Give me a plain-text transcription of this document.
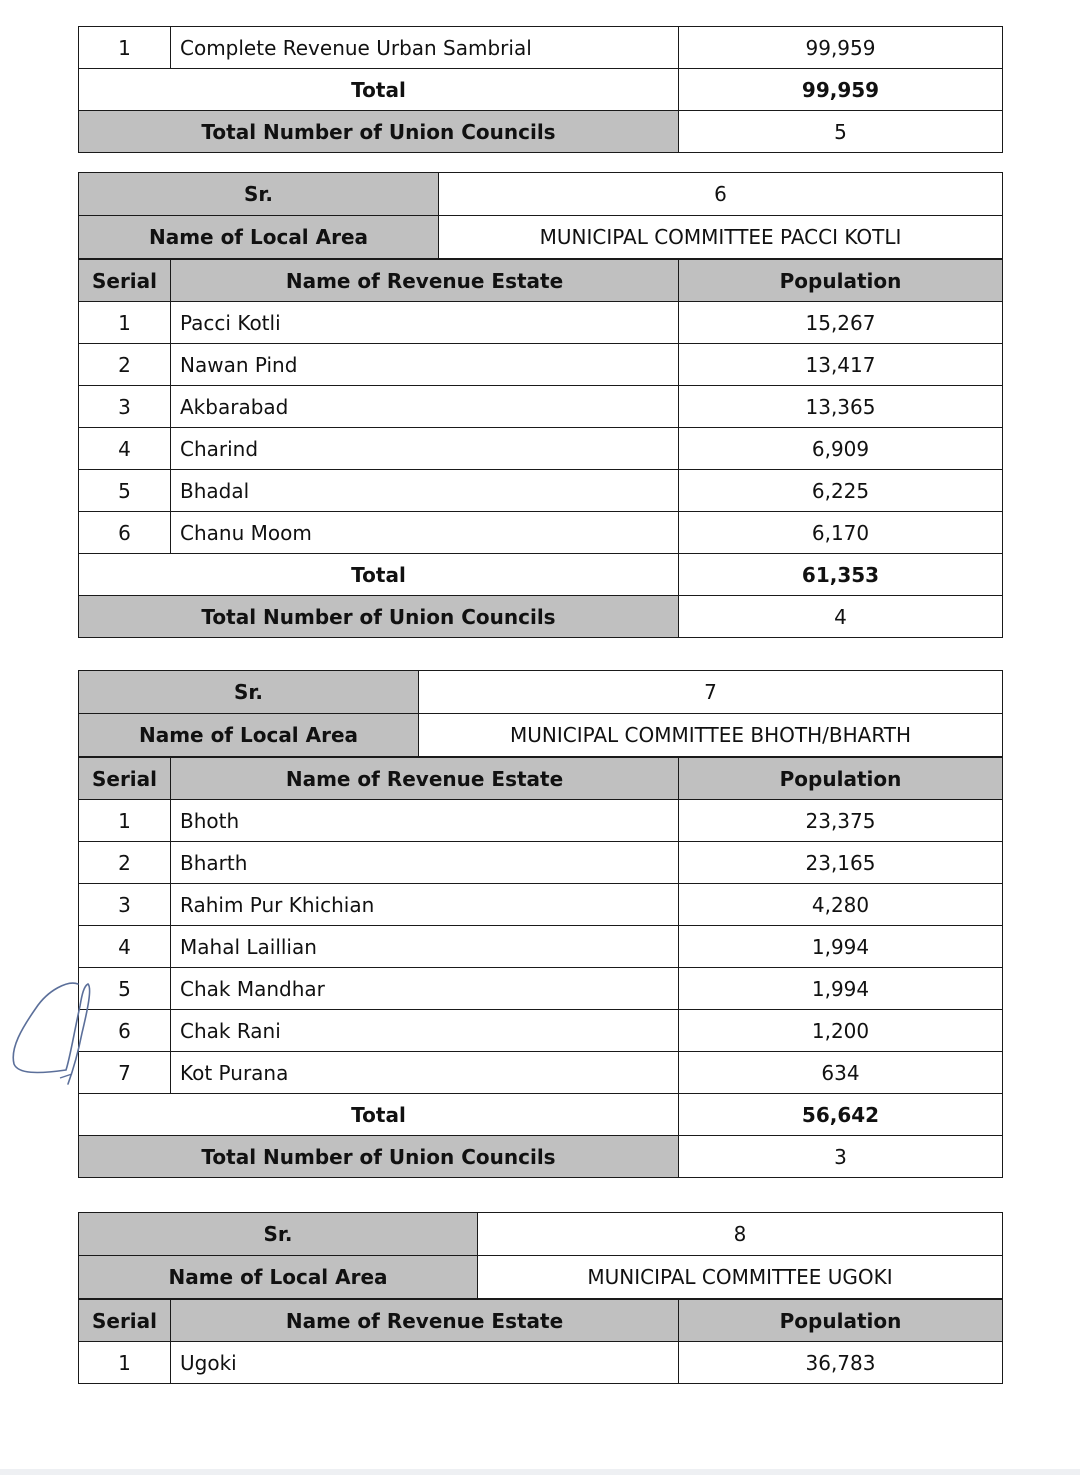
1	Complete Revenue Urban Sambrial	99,959
Total		99,959
Total Number of Union Councils		5
Sr.	6
Name of Local Area	MUNICIPAL COMMITTEE PACCI KOTLI
Serial	Name of Revenue Estate	Population
1	Pacci Kotli	15,267
2	Nawan Pind	13,417
3	Akbarabad	13,365
4	Charind	6,909
5	Bhadal	6,225
6	Chanu Moom	6,170
Total		61,353
Total Number of Union Councils		4
Sr.	7
Name of Local Area	MUNICIPAL COMMITTEE BHOTH/BHARTH
Serial	Name of Revenue Estate	Population
1	Bhoth	23,375
2	Bharth	23,165
3	Rahim Pur Khichian	4,280
4	Mahal Laillian	1,994
5	Chak Mandhar	1,994
6	Chak Rani	1,200
7	Kot Purana	634
Total		56,642
Total Number of Union Councils		3
Sr.	8
Name of Local Area	MUNICIPAL COMMITTEE UGOKI
Serial	Name of Revenue Estate	Population
1	Ugoki	36,783
